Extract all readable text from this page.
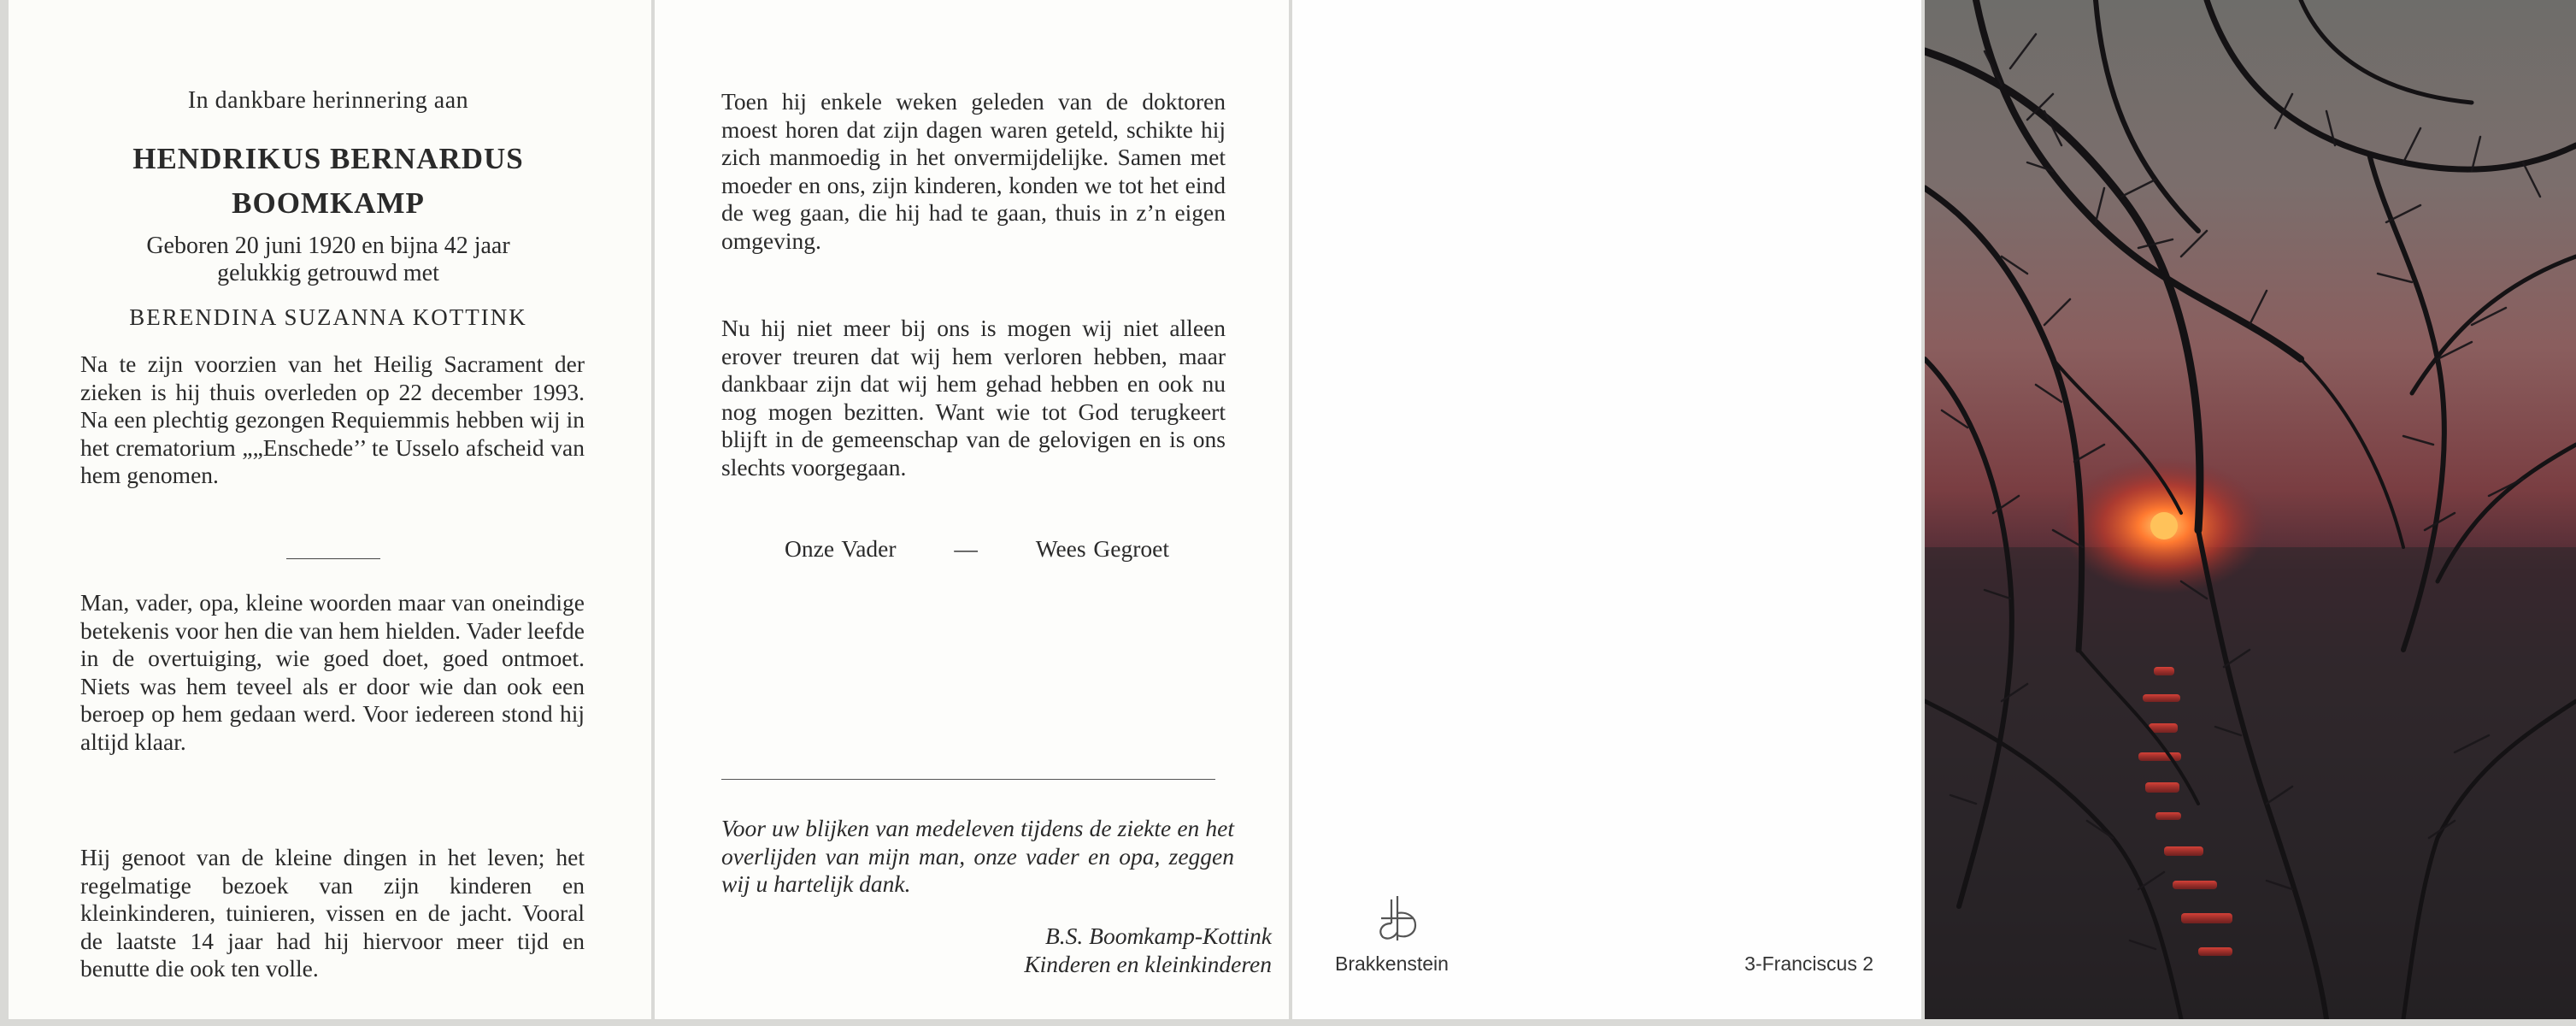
In dankbare herinnering aan
HENDRIKUS BERNARDUS
BOOMKAMP
Geboren 20 juni 1920 en bijna 42 jaar
gelukkig getrouwd met
BERENDINA SUZANNA KOTTINK
Na te zijn voorzien van het Heilig Sacrament der zieken is hij thuis overleden op 22 december 1993. Na een plechtig gezongen Requiemmis hebben wij in het crematorium „„Enschede’’ te Usselo afscheid van hem genomen.
Man, vader, opa, kleine woorden maar van oneindige betekenis voor hen die van hem hielden. Vader leefde in de overtuiging, wie goed doet, goed ontmoet. Niets was hem teveel als er door wie dan ook een beroep op hem gedaan werd. Voor iedereen stond hij altijd klaar.
Hij genoot van de kleine dingen in het leven; het regelmatige bezoek van zijn kinderen en kleinkinderen, tuinieren, vissen en de jacht. Vooral de laatste 14 jaar had hij hiervoor meer tijd en benutte die ook ten volle.
Toen hij enkele weken geleden van de doktoren moest horen dat zijn dagen waren geteld, schikte hij zich manmoedig in het onvermijdelijke. Samen met moeder en ons, zijn kinderen, konden we tot het eind de weg gaan, die hij had te gaan, thuis in z’n eigen omgeving.
Nu hij niet meer bij ons is mogen wij niet alleen erover treuren dat wij hem verloren hebben, maar dankbaar zijn dat wij hem gehad hebben en ook nu nog mogen bezitten. Want wie tot God terugkeert blijft in de gemeenschap van de gelovigen en is ons slechts voorgegaan.
Onze Vader — Wees Gegroet
Voor uw blijken van medeleven tijdens de ziekte en het overlijden van mijn man, onze vader en opa, zeggen wij u hartelijk dank.
B.S. Boomkamp-Kottink
Kinderen en kleinkinderen	Brakkenstein	3-Franciscus 2
